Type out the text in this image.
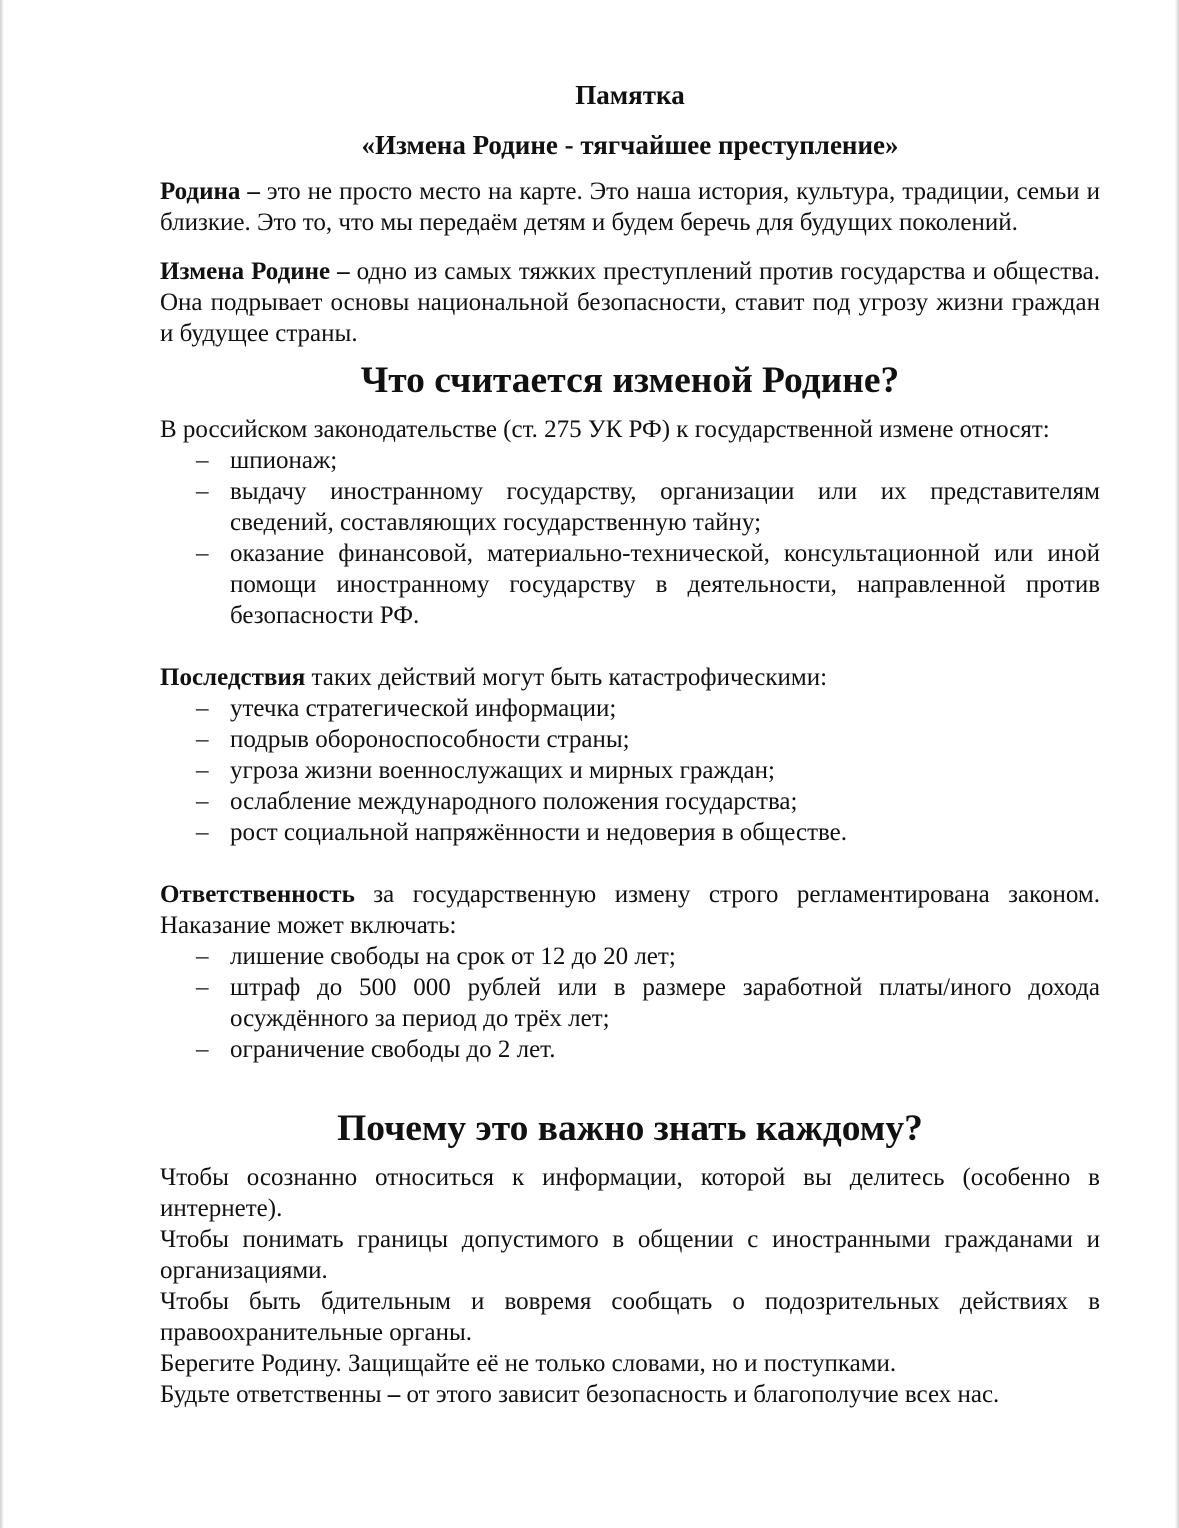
Памятка
«Измена Родине - тягчайшее преступление»

Родина – это не просто место на карте. Это наша история, культура, традиции, семьи и близкие. Это то, что мы передаём детям и будем беречь для будущих поколений.

Измена Родине – одно из самых тяжких преступлений против государства и общества. Она подрывает основы национальной безопасности, ставит под угрозу жизни граждан и будущее страны.

Что считается изменой Родине?

В российском законодательстве (ст. 275 УК РФ) к государственной измене относят:

– шпионаж;
– выдачу иностранному государству, организации или их представителям сведений, составляющих государственную тайну;
– оказание финансовой, материально-технической, консультационной или иной помощи иностранному государству в деятельности, направленной против безопасности РФ.

Последствия таких действий могут быть катастрофическими:

– утечка стратегической информации;
– подрыв обороноспособности страны;
– угроза жизни военнослужащих и мирных граждан;
– ослабление международного положения государства;
– рост социальной напряжённости и недоверия в обществе.

Ответственность за государственную измену строго регламентирована законом. Наказание может включать:

– лишение свободы на срок от 12 до 20 лет;
– штраф до 500 000 рублей или в размере заработной платы/иного дохода осуждённого за период до трёх лет;
– ограничение свободы до 2 лет.
Почему это важно знать каждому?

Чтобы осознанно относиться к информации, которой вы делитесь (особенно в интернете).

Чтобы понимать границы допустимого в общении с иностранными гражданами и организациями.

Чтобы быть бдительным и вовремя сообщать о подозрительных действиях в правоохранительные органы.

Берегите Родину. Защищайте её не только словами, но и поступками.

Будьте ответственны – от этого зависит безопасность и благополучие всех нас.
